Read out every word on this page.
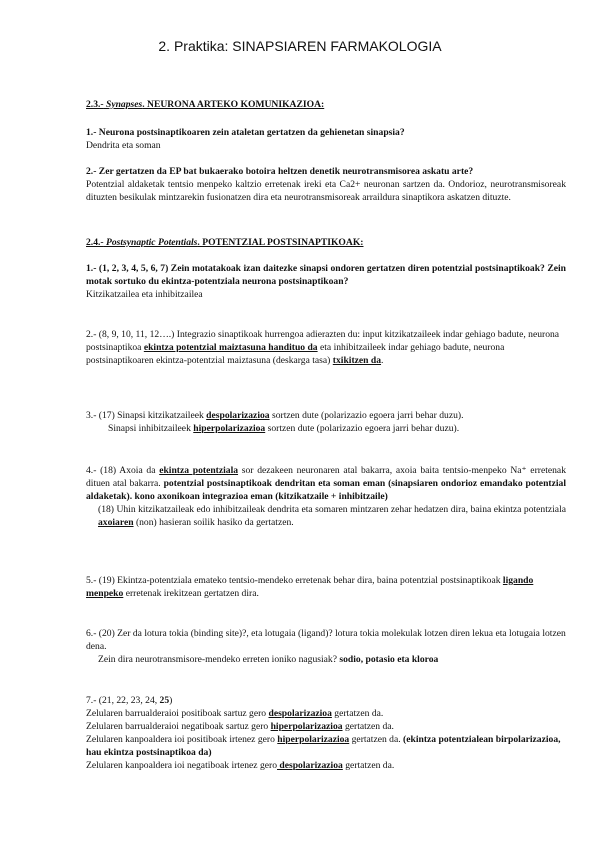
2. Praktika: SINAPSIAREN FARMAKOLOGIA
2.3.- Synapses. NEURONA ARTEKO KOMUNIKAZIOA:
1.- Neurona postsinaptikoaren zein ataletan gertatzen da gehienetan sinapsia?
Dendrita eta soman
2.- Zer gertatzen da EP bat bukaerako botoira heltzen denetik neurotransmisorea askatu arte?
Potentzial aldaketak tentsio menpeko kaltzio erretenak ireki eta Ca2+ neuronan sartzen da. Ondorioz, neurotransmisoreak dituzten besikulak mintzarekin fusionatzen dira eta neurotransmisoreak arraildura sinaptikora askatzen dituzte.
2.4.- Postsynaptic Potentials. POTENTZIAL POSTSINAPTIKOAK:
1.- (1, 2, 3, 4, 5, 6, 7) Zein motatakoak izan daitezke sinapsi ondoren gertatzen diren potentzial postsinaptikoak? Zein motak sortuko du ekintza-potentziala neurona postsinaptikoan?
Kitzikatzailea eta inhibitzailea
2.- (8, 9, 10, 11, 12….) Integrazio sinaptikoak hurrengoa adierazten du: input kitzikatzaileek indar gehiago badute, neurona postsinaptikoa ekintza potentzial maiztasuna handituo da eta inhibitzaileek indar gehiago badute, neurona postsinaptikoaren ekintza-potentzial maiztasuna (deskarga tasa) txikitzen da.
3.- (17) Sinapsi kitzikatzaileek despolarizazioa sortzen dute (polarizazio egoera jarri behar duzu).
Sinapsi inhibitzaileek hiperpolarizazioa sortzen dute (polarizazio egoera jarri behar duzu).
4.- (18) Axoia da ekintza potentziala sor dezakeen neuronaren atal bakarra, axoia baita tentsio-menpeko Na⁺ erretenak dituen atal bakarra. potentzial postsinaptikoak dendritan eta soman eman (sinapsiaren ondorioz emandako potentzial aldaketak). kono axonikoan integrazioa eman (kitzikatzaile + inhibitzaile)
(18) Uhin kitzikatzaileak edo inhibitzaileak dendrita eta somaren mintzaren zehar hedatzen dira, baina ekintza potentziala axoiaren (non) hasieran soilik hasiko da gertatzen.
5.- (19) Ekintza-potentziala emateko tentsio-mendeko erretenak behar dira, baina potentzial postsinaptikoak ligando menpeko erretenak irekitzean gertatzen dira.
6.- (20) Zer da lotura tokia (binding site)?, eta lotugaia (ligand)? lotura tokia molekulak lotzen diren lekua eta lotugaia lotzen dena.
Zein dira neurotransmisore-mendeko erreten ioniko nagusiak? sodio, potasio eta kloroa
7.- (21, 22, 23, 24, 25)
Zelularen barrualderaioi positiboak sartuz gero despolarizazioa gertatzen da.
Zelularen barrualderaioi negatiboak sartuz gero hiperpolarizazioa gertatzen da.
Zelularen kanpoaldera ioi positiboak irtenez gero hiperpolarizazioa gertatzen da. (ekintza potentzialean birpolarizazioa, hau ekintza postsinaptikoa da)
Zelularen kanpoaldera ioi negatiboak irtenez gero despolarizazioa gertatzen da.
